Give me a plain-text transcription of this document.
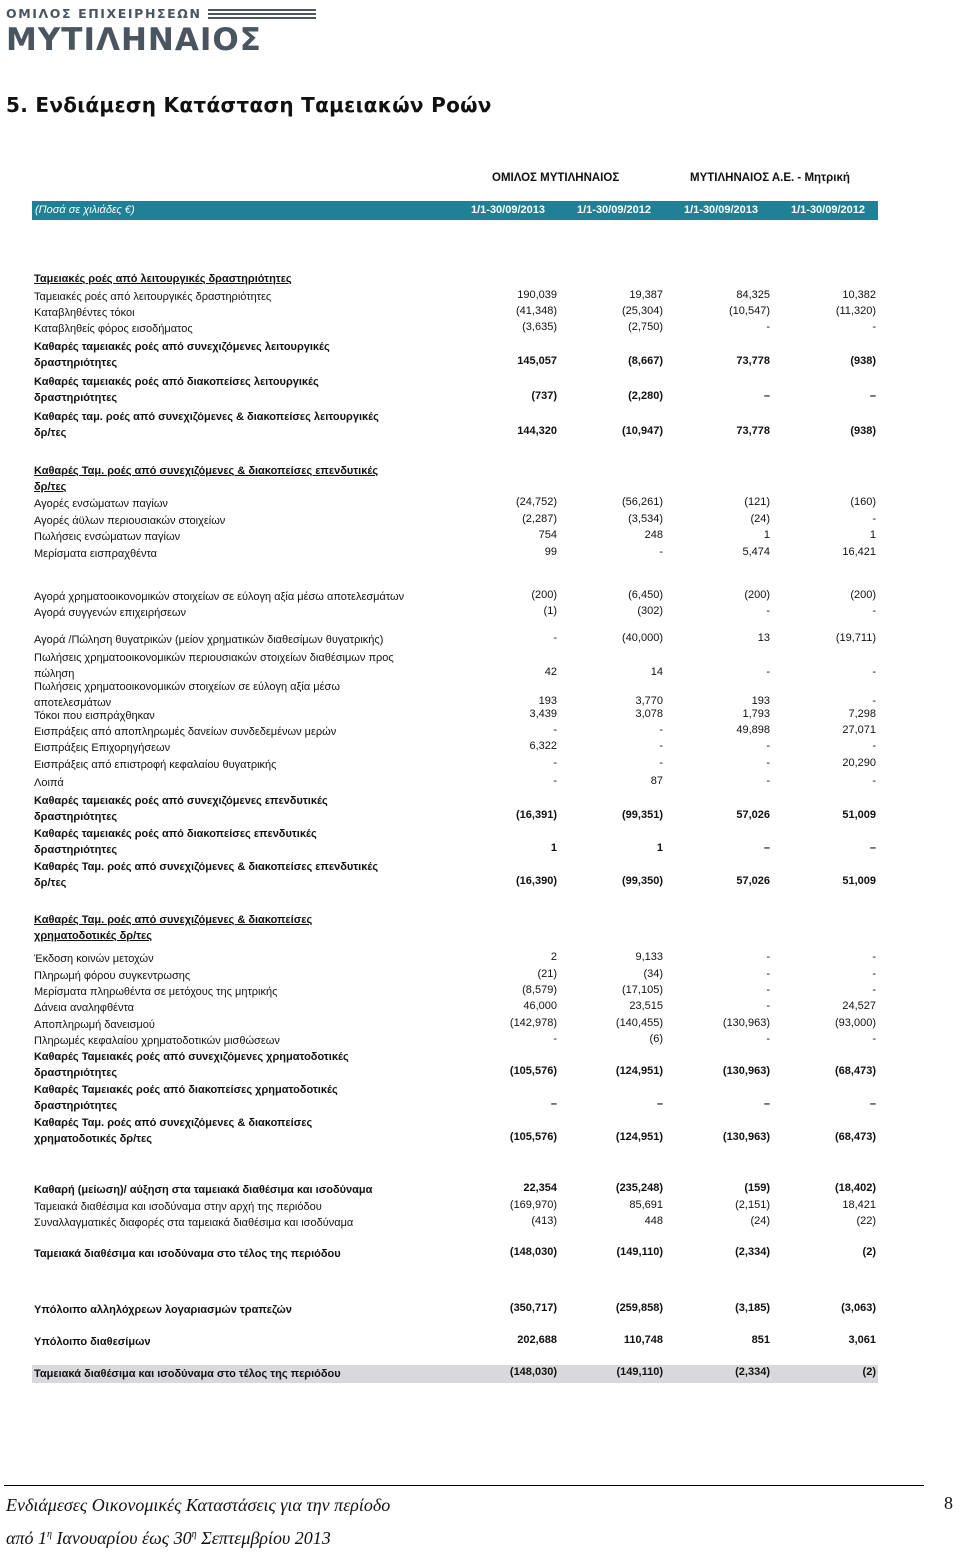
ΟΜΙΛΟΣ ΕΠΙΧΕΙΡΗΣΕΩΝ
ΜΥΤΙΛΗΝΑΙΟΣ
5. Ενδιάμεση Κατάσταση Ταμειακών Ροών
ΟΜΙΛΟΣ ΜΥΤΙΛΗΝΑΙΟΣ	ΜΥΤΙΛΗΝΑΙΟΣ Α.Ε. - Μητρική
(Ποσά σε χιλιάδες €)	1/1-30/09/2013	1/1-30/09/2012	1/1-30/09/2013	1/1-30/09/2012
Ταμειακές ροές από λειτουργικές δραστηριότητες
Ταμειακές ροές από λειτουργικές δραστηριότητες	190,039	19,387	84,325	10,382
Καταβληθέντες τόκοι	(41,348)	(25,304)	(10,547)	(11,320)
Καταβληθείς φόρος εισοδήματος	(3,635)	(2,750)	-	-
Καθαρές ταμειακές ροές από συνεχιζόμενες λειτουργικές
δραστηριότητες	145,057	(8,667)	73,778	(938)
Καθαρές ταμειακές ροές από διακοπείσες λειτουργικές
δραστηριότητες	(737)	(2,280)	–	–
Καθαρές ταμ. ροές από συνεχιζόμενες & διακοπείσες λειτουργικές
δρ/τες	144,320	(10,947)	73,778	(938)
Καθαρές Ταμ. ροές από συνεχιζόμενες & διακοπείσες επενδυτικές
δρ/τες
Αγορές ενσώματων παγίων	(24,752)	(56,261)	(121)	(160)
Αγορές άϋλων περιουσιακών στοιχείων	(2,287)	(3,534)	(24)	-
Πωλήσεις ενσώματων παγίων	754	248	1	1
Μερίσματα εισπραχθέντα	99	-	5,474	16,421
Αγορά χρηματοοικονομικών στοιχείων σε εύλογη αξία μέσω αποτελεσμάτων	(200)	(6,450)	(200)	(200)
Αγορά συγγενών επιχειρήσεων	(1)	(302)	-	-
Αγορά /Πώληση θυγατρικών (μείον χρηματικών διαθεσίμων θυγατρικής)	-	(40,000)	13	(19,711)
Πωλήσεις χρηματοοικονομικών περιουσιακών στοιχείων διαθέσιμων προς
πώληση	42	14	-	-
Πωλήσεις χρηματοοικονομικών στοιχείων σε εύλογη αξία μέσω
αποτελεσμάτων	193	3,770	193	-
Τόκοι που εισπράχθηκαν	3,439	3,078	1,793	7,298
Εισπράξεις από αποπληρωμές δανείων συνδεδεμένων μερών	-	-	49,898	27,071
Εισπράξεις Επιχορηγήσεων	6,322	-	-	-
Εισπράξεις από επιστροφή κεφαλαίου θυγατρικής	-	-	-	20,290
Λοιπά	-	87	-	-
Καθαρές ταμειακές ροές από συνεχιζόμενες επενδυτικές
δραστηριότητες	(16,391)	(99,351)	57,026	51,009
Καθαρές ταμειακές ροές από διακοπείσες επενδυτικές
δραστηριότητες	1	1	–	–
Καθαρές Ταμ. ροές από συνεχιζόμενες & διακοπείσες επενδυτικές
δρ/τες	(16,390)	(99,350)	57,026	51,009
Καθαρές Ταμ. ροές από συνεχιζόμενες & διακοπείσες
χρηματοδοτικές δρ/τες
Έκδοση κοινών μετοχών	2	9,133	-	-
Πληρωμή φόρου συγκεντρωσης	(21)	(34)	-	-
Μερίσματα πληρωθέντα σε μετόχους της μητρικής	(8,579)	(17,105)	-	-
Δάνεια αναληφθέντα	46,000	23,515	-	24,527
Αποπληρωμή δανεισμού	(142,978)	(140,455)	(130,963)	(93,000)
Πληρωμές κεφαλαίου χρηματοδοτικών μισθώσεων	-	(6)	-	-
Καθαρές Ταμειακές ροές από συνεχιζόμενες χρηματοδοτικές
δραστηριότητες	(105,576)	(124,951)	(130,963)	(68,473)
Καθαρές Ταμειακές ροές από διακοπείσες χρηματοδοτικές
δραστηριότητες	–	–	–	–
Καθαρές Ταμ. ροές από συνεχιζόμενες & διακοπείσες
χρηματοδοτικές δρ/τες	(105,576)	(124,951)	(130,963)	(68,473)
Καθαρή (μείωση)/ αύξηση στα ταμειακά διαθέσιμα και ισοδύναμα	22,354	(235,248)	(159)	(18,402)
Ταμειακά διαθέσιμα και ισοδύναμα στην αρχή της περιόδου	(169,970)	85,691	(2,151)	18,421
Συναλλαγματικές διαφορές στα ταμειακά διαθέσιμα και ισοδύναμα	(413)	448	(24)	(22)
Ταμειακά διαθέσιμα και ισοδύναμα στο τέλος της περιόδου	(148,030)	(149,110)	(2,334)	(2)
Υπόλοιπο αλληλόχρεων λογαριασμών τραπεζών	(350,717)	(259,858)	(3,185)	(3,063)
Υπόλοιπο διαθεσίμων	202,688	110,748	851	3,061
Ταμειακά διαθέσιμα και ισοδύναμα στο τέλος της περιόδου	(148,030)	(149,110)	(2,334)	(2)
Ενδιάμεσες Οικονομικές Καταστάσεις για την περίοδο
από $1^\eta$ Ιανουαρίου έως $30^\eta$ Σεπτεμβρίου 2013
8
